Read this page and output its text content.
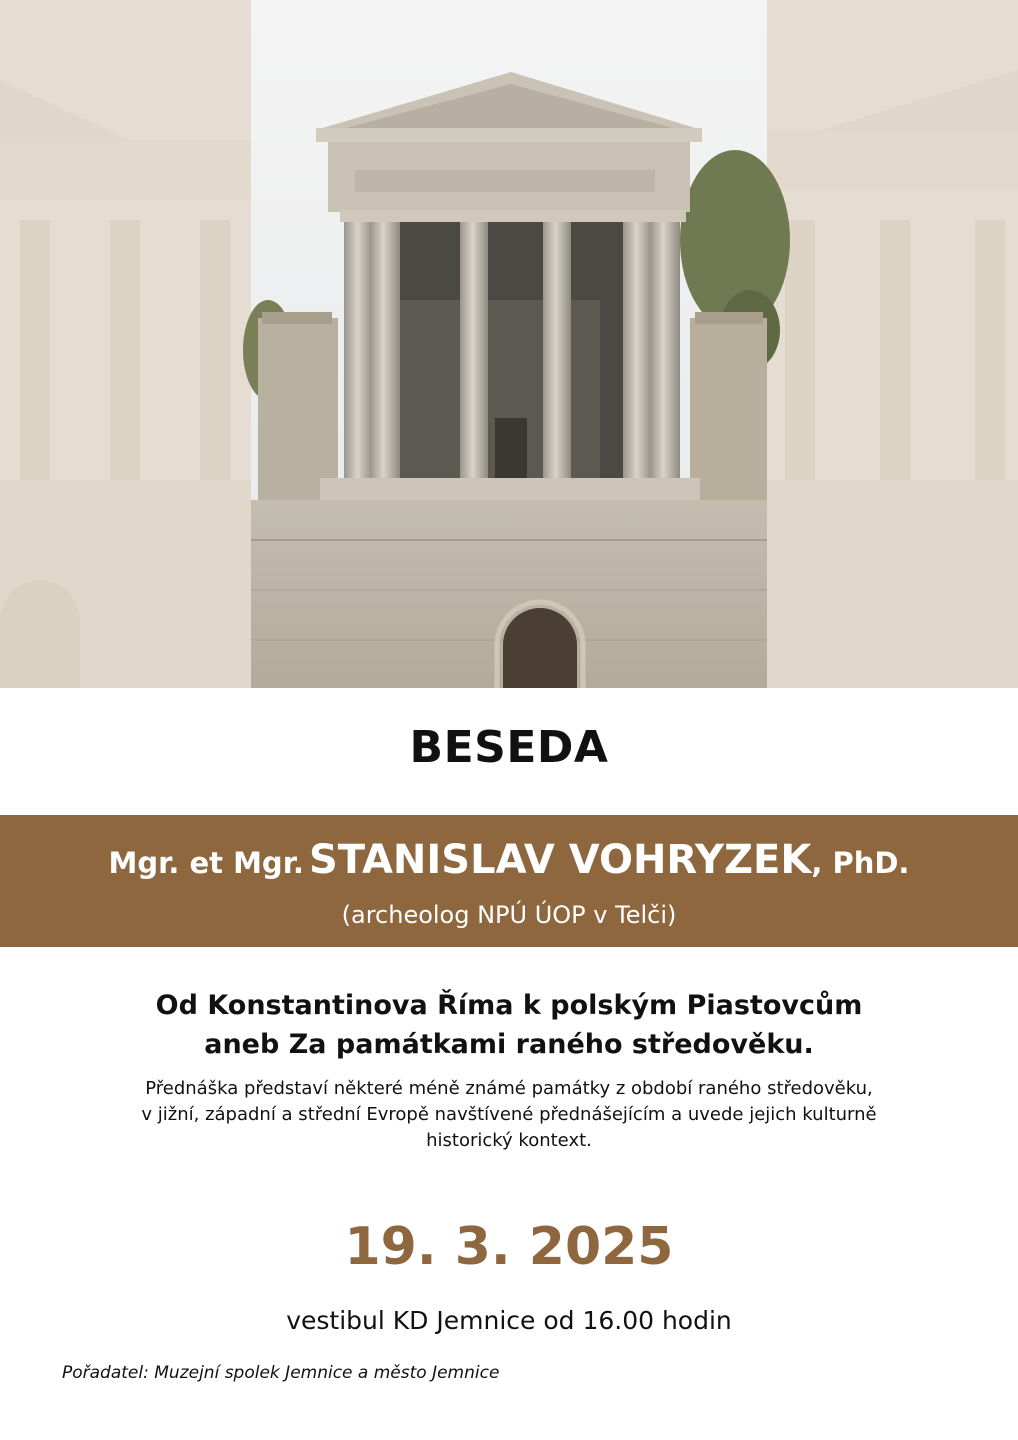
BESEDA
Mgr. et Mgr. STANISLAV VOHRYZEK, PhD.
(archeolog NPÚ ÚOP v Telči)
Od Konstantinova Říma k polským Piastovcům
aneb Za památkami raného středověku.
Přednáška představí některé méně známé památky z období raného středověku,
v jižní, západní a střední Evropě navštívené přednášejícím a uvede jejich kulturně
historický kontext.
19. 3. 2025
vestibul KD Jemnice od 16.00 hodin
Pořadatel: Muzejní spolek Jemnice a město Jemnice
